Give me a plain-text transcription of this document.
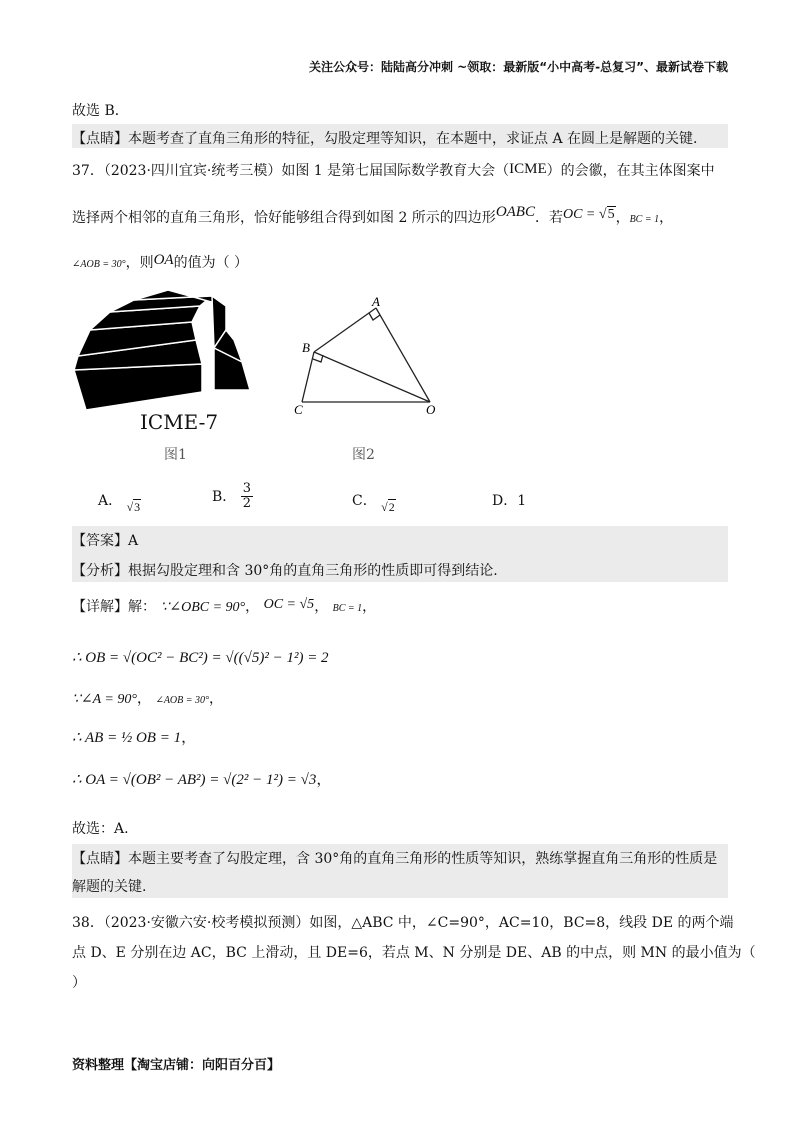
关注公众号：陆陆高分冲刺 ~领取：最新版“小中高考-总复习”、最新试卷下载
故选 B．
【点睛】本题考查了直角三角形的特征，勾股定理等知识，在本题中，求证点 A 在圆上是解题的关键.
37．（2023·四川宜宾·统考三模）如图 1 是第七届国际数学教育大会（ICME）的会徽，在其主体图案中
选择两个相邻的直角三角形，恰好能够组合得到如图 2 所示的四边形OABC．若OC = √5，BC = 1，
∠AOB = 30°，则OA的值为（ ）
ICME-7
图1
A
B
C	O
图2
A． √3
B． $\frac{3}{2}$	C． √2	D．1
【答案】A
【分析】根据勾股定理和含 30°角的直角三角形的性质即可得到结论.
【详解】解： ∵∠OBC = 90°， OC = √5， BC = 1，
∴ OB = √(OC² − BC²) = √((√5)² − 1²) = 2
∵∠A = 90°， ∠AOB = 30°，
∴ AB = ½ OB = 1，
∴ OA = √(OB² − AB²) = √(2² − 1²) = √3，
故选：A.
【点睛】本题主要考查了勾股定理，含 30°角的直角三角形的性质等知识，熟练掌握直角三角形的性质是
解题的关键.
38．（2023·安徽六安·校考模拟预测）如图，△ABC 中，∠C=90°，AC=10，BC=8，线段 DE 的两个端
点 D、E 分别在边 AC，BC 上滑动，且 DE=6，若点 M、N 分别是 DE、AB 的中点，则 MN 的最小值为（
）
资料整理【淘宝店铺：向阳百分百】
